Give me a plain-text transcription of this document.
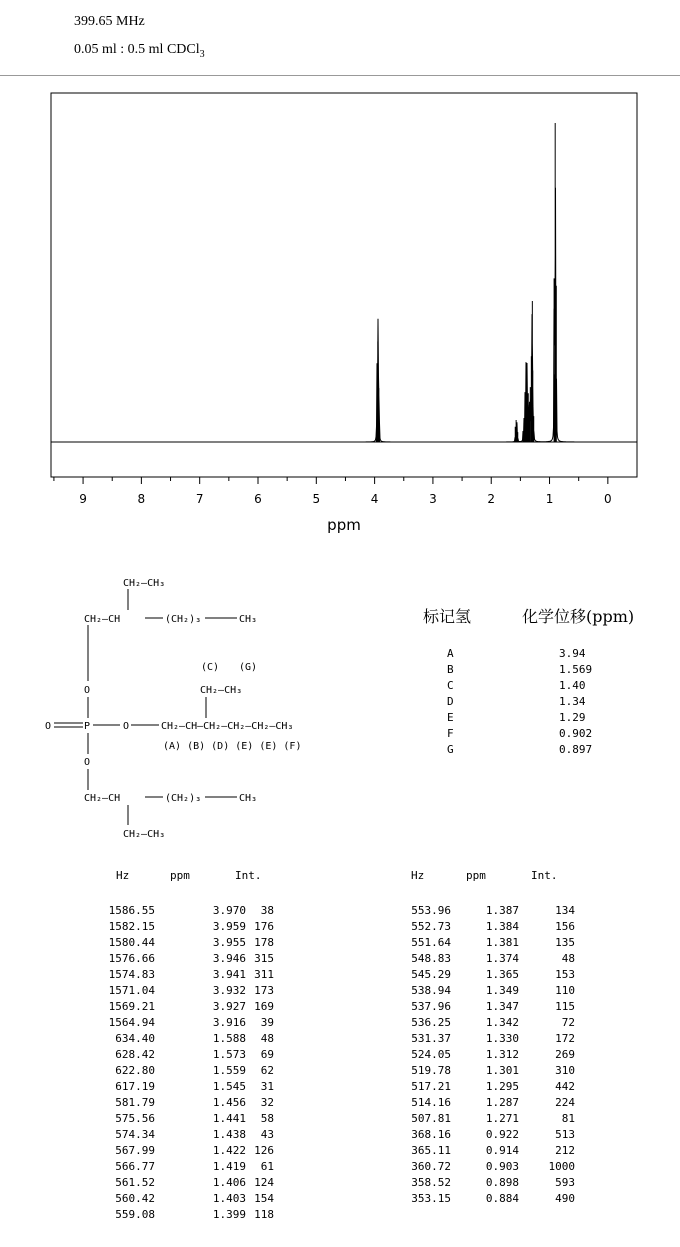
399.65 MHz
0.05 ml : 0.5 ml CDCl$_3$
9	8	7	6	5	4	3	2	1	0
ppm
CH₂—CH₃
CH₂—CH	(CH₂)₃	CH₃
O
O	P	O
(C) (G)
CH₂—CH₃
CH₂—CH—CH₂—CH₂—CH₂—CH₃
(A) (B) (D) (E) (E) (F)
O
CH₂—CH	(CH₂)₃	CH₃
CH₂—CH₃
标记氢	化学位移(ppm)
A	3.94
B	1.569
C	1.40
D	1.34
E	1.29
F	0.902
G	0.897
Hz	ppm	Int.	Hz	ppm	Int.
1586.55	3.970 38
1582.15	3.959 176
1580.44	3.955 178
1576.66	3.946 315
1574.83	3.941 311
1571.04	3.932 173
1569.21	3.927 169
1564.94	3.916 39
634.40	1.588 48
628.42	1.573 69
622.80	1.559 62
617.19	1.545 31
581.79	1.456 32
575.56	1.441 58
574.34	1.438 43
567.99	1.422 126
566.77	1.419 61
561.52	1.406 124
560.42	1.403 154
559.08	1.399 118
553.96	1.387	134
552.73	1.384	156
551.64	1.381	135
548.83	1.374	48
545.29	1.365	153
538.94	1.349	110
537.96	1.347	115
536.25	1.342	72
531.37	1.330	172
524.05	1.312	269
519.78	1.301	310
517.21	1.295	442
514.16	1.287	224
507.81	1.271	81
368.16	0.922	513
365.11	0.914	212
360.72	0.903	1000
358.52	0.898	593
353.15	0.884	490
